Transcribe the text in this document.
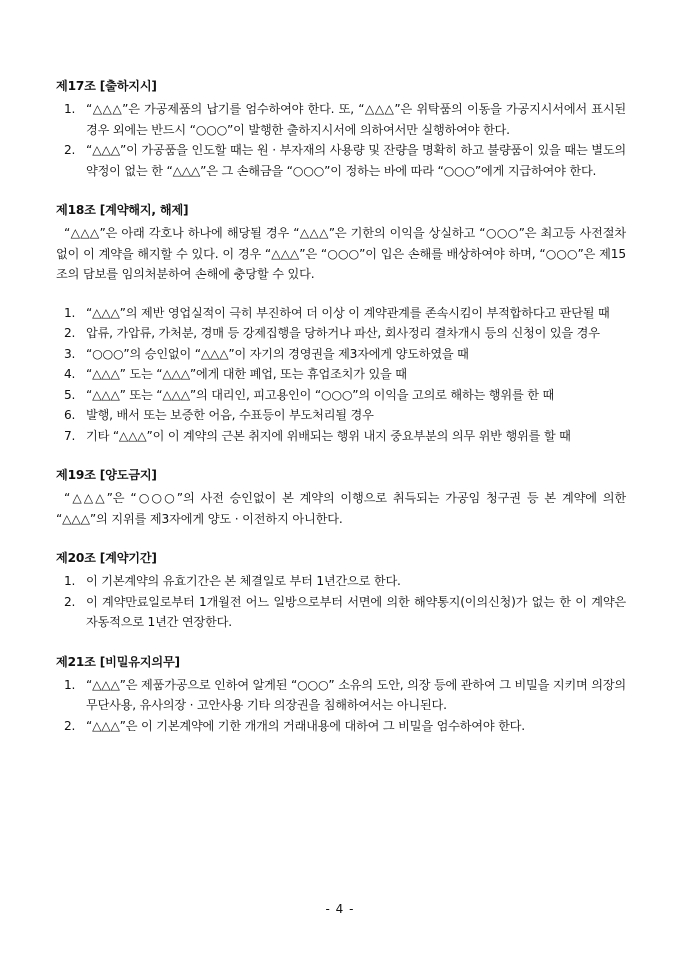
제17조 [출하지시]
1. “△△△”은 가공제품의 납기를 엄수하여야 한다. 또, “△△△”은 위탁품의 이동을 가공지시서에서 표시된 경우 외에는 반드시 “○○○”이 발행한 출하지시서에 의하여서만 실행하여야 한다.
2. “△△△”이 가공품을 인도할 때는 원 · 부자재의 사용량 및 잔량을 명확히 하고 불량품이 있을 때는 별도의 약정이 없는 한 “△△△”은 그 손해금을 “○○○”이 정하는 바에 따라 “○○○”에게 지급하여야 한다.
제18조 [계약해지, 해제]
“△△△”은 아래 각호나 하나에 해당될 경우 “△△△”은 기한의 이익을 상실하고 “○○○”은 최고등 사전절차없이 이 계약을 해지할 수 있다. 이 경우 “△△△”은 “○○○”이 입은 손해를 배상하여야 하며, “○○○”은 제15조의 담보를 임의처분하여 손해에 충당할 수 있다.
1. “△△△”의 제반 영업실적이 극히 부진하여 더 이상 이 계약관계를 존속시킴이 부적합하다고 판단될 때
2. 압류, 가압류, 가처분, 경매 등 강제집행을 당하거나 파산, 회사정리 결차개시 등의 신청이 있을 경우
3. “○○○”의 승인없이 “△△△”이 자기의 경영권을 제3자에게 양도하였을 때
4. “△△△” 도는 “△△△”에게 대한 폐업, 또는 휴업조치가 있을 때
5. “△△△” 또는 “△△△”의 대리인, 피고용인이 “○○○”의 이익을 고의로 해하는 행위를 한 때
6. 발행, 배서 또는 보증한 어음, 수표등이 부도처리될 경우
7. 기타 “△△△”이 이 계약의 근본 취지에 위배되는 행위 내지 중요부분의 의무 위반 행위를 할 때
제19조 [양도금지]
“△△△”은 “○○○”의 사전 승인없이 본 계약의 이행으로 취득되는 가공임 청구권 등 본 계약에 의한 “△△△”의 지위를 제3자에게 양도 · 이전하지 아니한다.
제20조 [계약기간]
1. 이 기본계약의 유효기간은 본 체결일로 부터 1년간으로 한다.
2. 이 계약만료일로부터 1개월전 어느 일방으로부터 서면에 의한 해약통지(이의신청)가 없는 한 이 계약은 자동적으로 1년간 연장한다.
제21조 [비밀유지의무]
1. “△△△”은 제품가공으로 인하여 알게된 “○○○” 소유의 도안, 의장 등에 관하여 그 비밀을 지키며 의장의 무단사용, 유사의장 · 고안사용 기타 의장권을 침해하여서는 아니된다.
2. “△△△”은 이 기본계약에 기한 개개의 거래내용에 대하여 그 비밀을 엄수하여야 한다.
- 4 -
